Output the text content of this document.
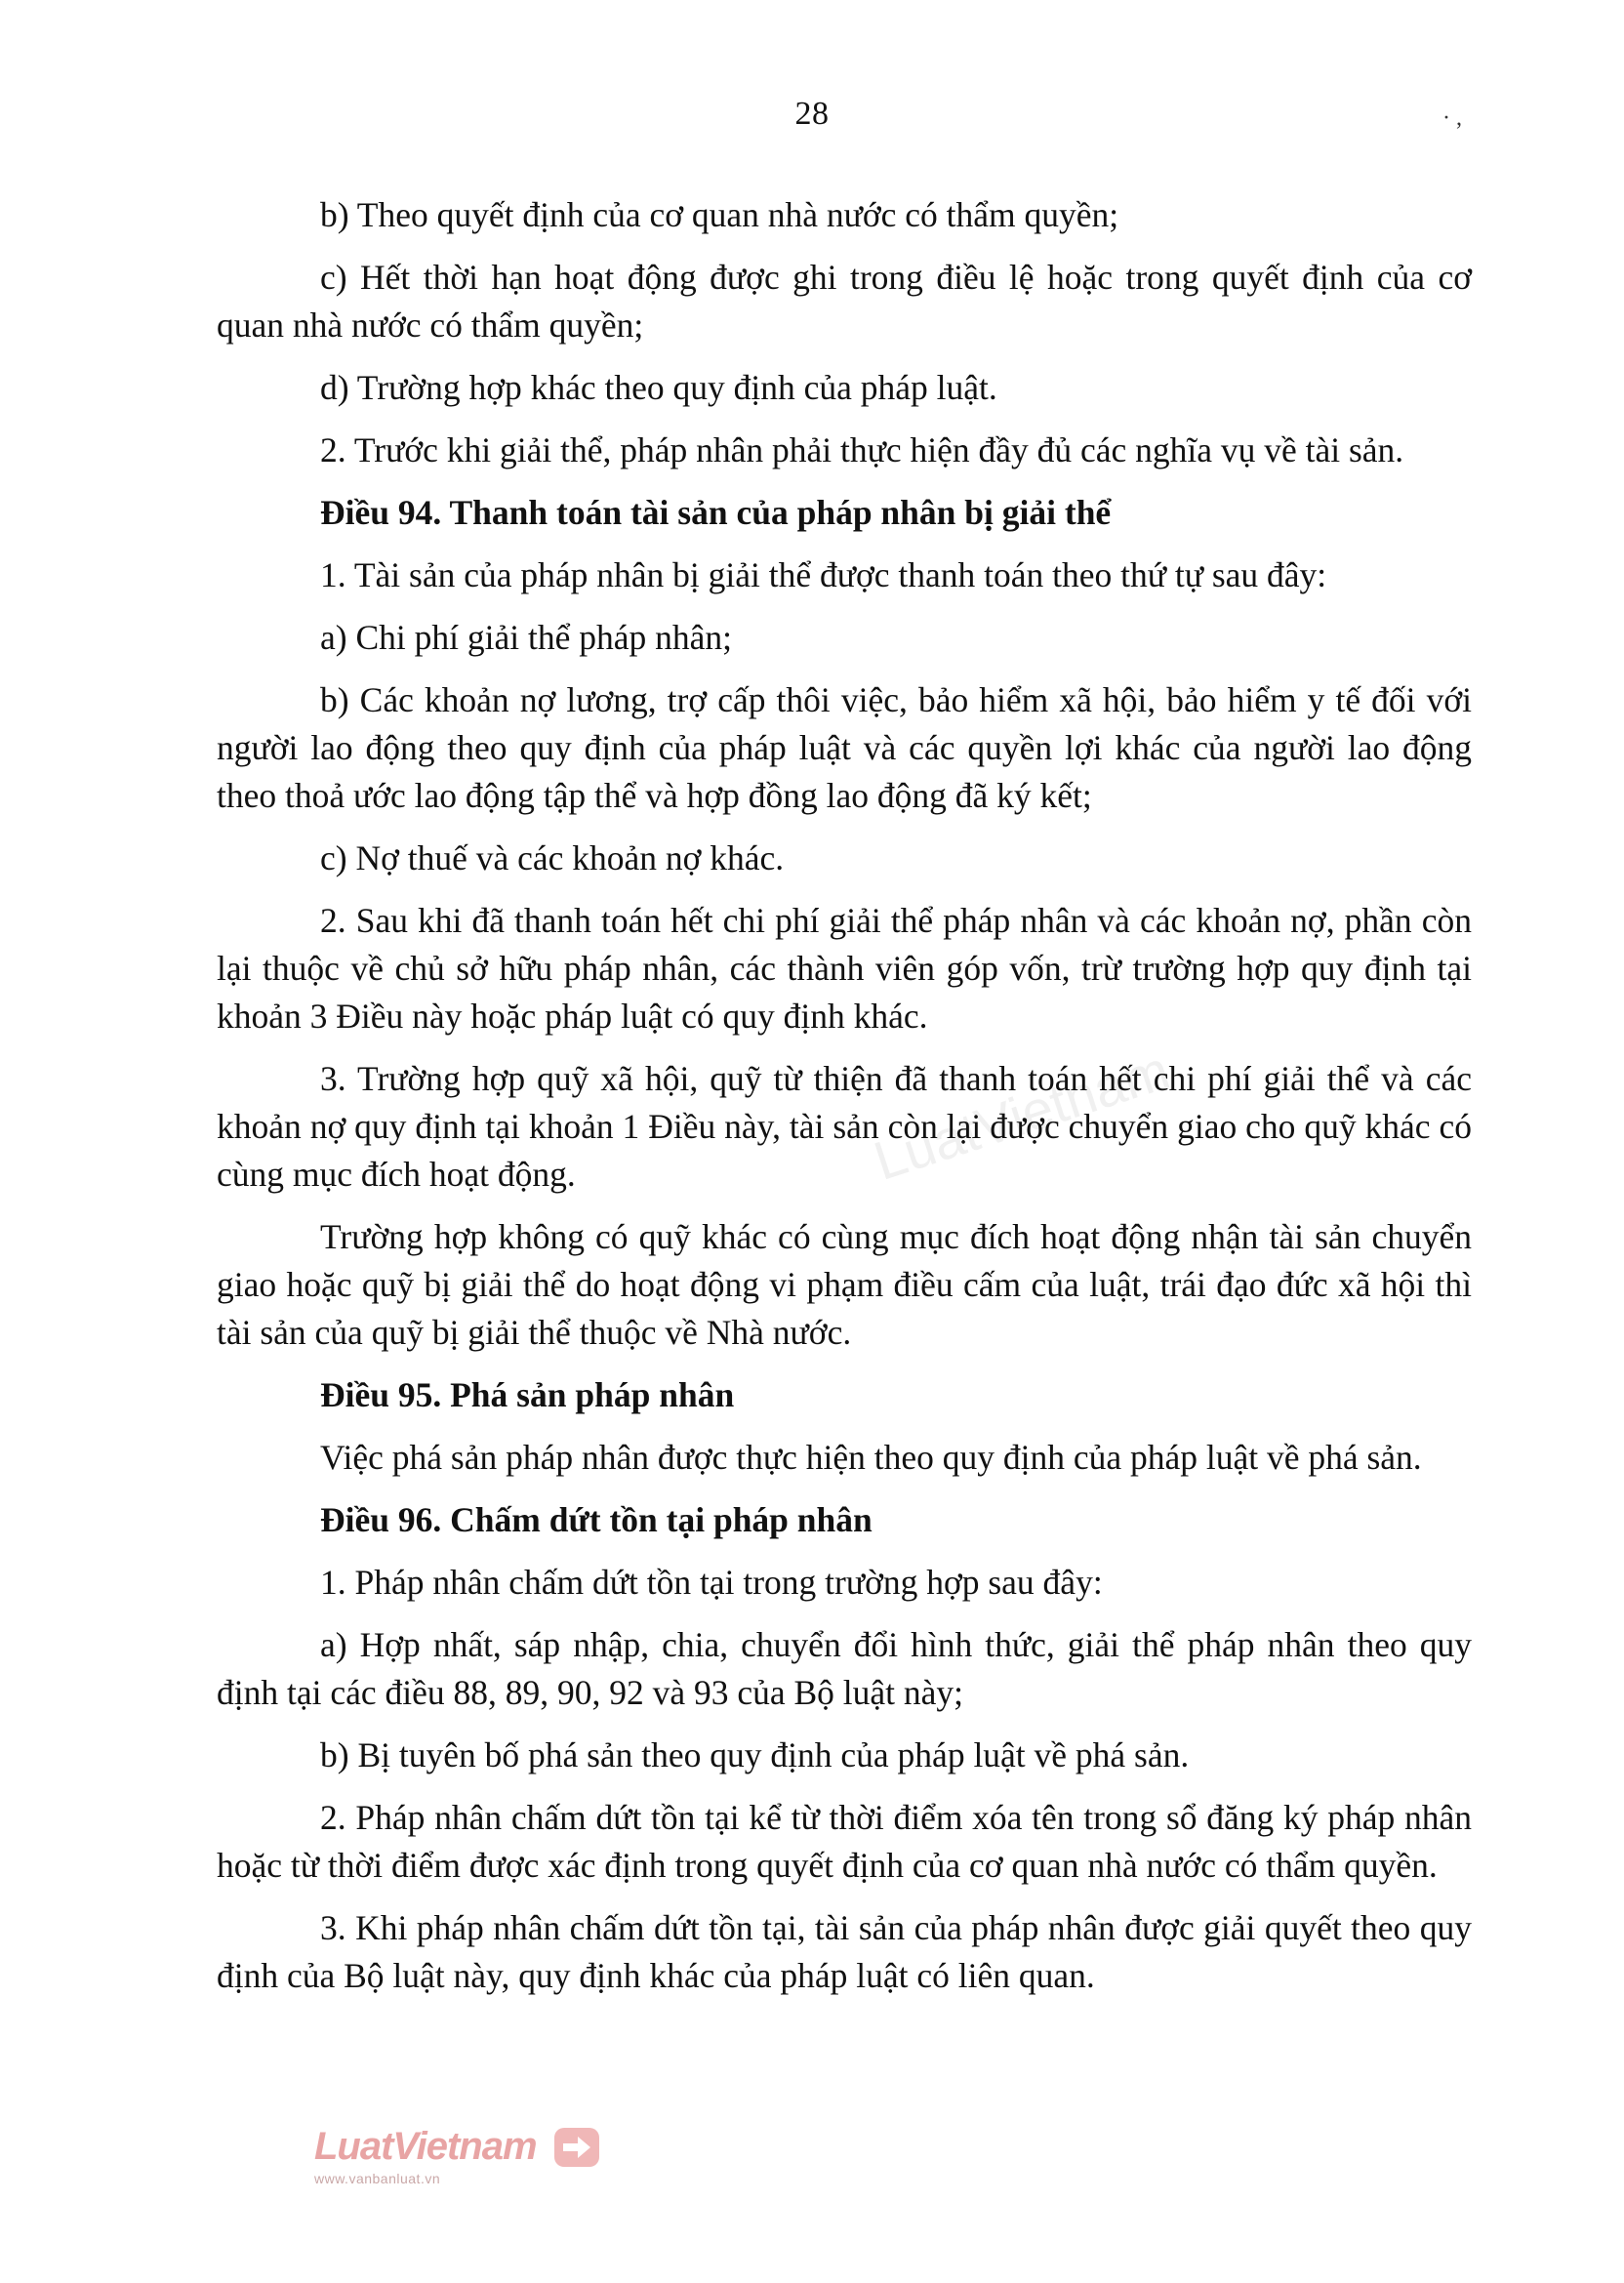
28	· ,
LuatVietnam

b) Theo quyết định của cơ quan nhà nước có thẩm quyền;

c) Hết thời hạn hoạt động được ghi trong điều lệ hoặc trong quyết định của cơ quan nhà nước có thẩm quyền;

d) Trường hợp khác theo quy định của pháp luật.

2. Trước khi giải thể, pháp nhân phải thực hiện đầy đủ các nghĩa vụ về tài sản.

Điều 94. Thanh toán tài sản của pháp nhân bị giải thể

1. Tài sản của pháp nhân bị giải thể được thanh toán theo thứ tự sau đây:

a) Chi phí giải thể pháp nhân;

b) Các khoản nợ lương, trợ cấp thôi việc, bảo hiểm xã hội, bảo hiểm y tế đối với người lao động theo quy định của pháp luật và các quyền lợi khác của người lao động theo thoả ước lao động tập thể và hợp đồng lao động đã ký kết;

c) Nợ thuế và các khoản nợ khác.

2. Sau khi đã thanh toán hết chi phí giải thể pháp nhân và các khoản nợ, phần còn lại thuộc về chủ sở hữu pháp nhân, các thành viên góp vốn, trừ trường hợp quy định tại khoản 3 Điều này hoặc pháp luật có quy định khác.

3. Trường hợp quỹ xã hội, quỹ từ thiện đã thanh toán hết chi phí giải thể và các khoản nợ quy định tại khoản 1 Điều này, tài sản còn lại được chuyển giao cho quỹ khác có cùng mục đích hoạt động.

Trường hợp không có quỹ khác có cùng mục đích hoạt động nhận tài sản chuyển giao hoặc quỹ bị giải thể do hoạt động vi phạm điều cấm của luật, trái đạo đức xã hội thì tài sản của quỹ bị giải thể thuộc về Nhà nước.

Điều 95. Phá sản pháp nhân

Việc phá sản pháp nhân được thực hiện theo quy định của pháp luật về phá sản.

Điều 96. Chấm dứt tồn tại pháp nhân

1. Pháp nhân chấm dứt tồn tại trong trường hợp sau đây:

a) Hợp nhất, sáp nhập, chia, chuyển đổi hình thức, giải thể pháp nhân theo quy định tại các điều 88, 89, 90, 92 và 93 của Bộ luật này;

b) Bị tuyên bố phá sản theo quy định của pháp luật về phá sản.

2. Pháp nhân chấm dứt tồn tại kể từ thời điểm xóa tên trong sổ đăng ký pháp nhân hoặc từ thời điểm được xác định trong quyết định của cơ quan nhà nước có thẩm quyền.

3. Khi pháp nhân chấm dứt tồn tại, tài sản của pháp nhân được giải quyết theo quy định của Bộ luật này, quy định khác của pháp luật có liên quan.

LuatVietnam
www.vanbanluat.vn
